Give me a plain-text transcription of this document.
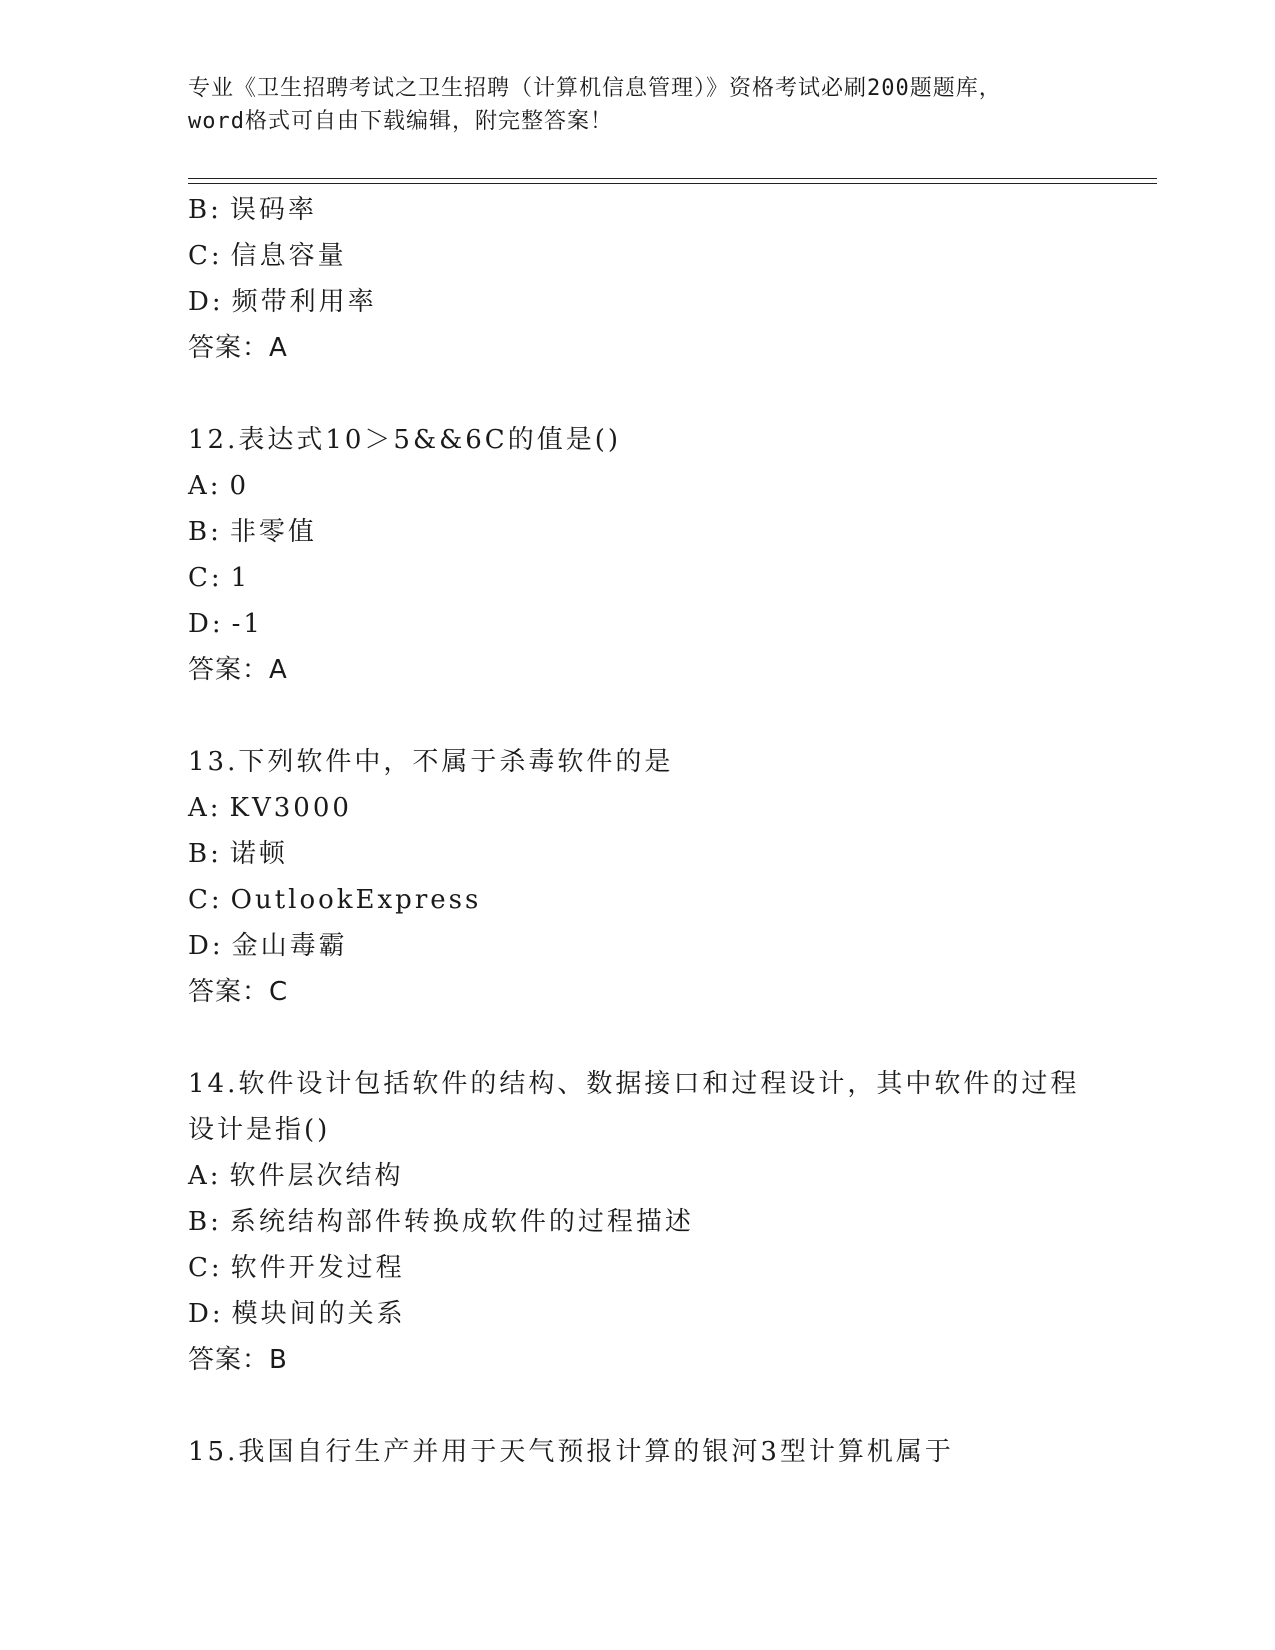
专业《卫生招聘考试之卫生招聘（计算机信息管理）》资格考试必刷200题题库，
word格式可自由下载编辑，附完整答案！
B: 误码率
C: 信息容量
D: 频带利用率
答案：A
12.表达式10＞5&&6C的值是()
A: 0
B: 非零值
C: 1
D: -1
答案：A
13.下列软件中，不属于杀毒软件的是
A: KV3000
B: 诺顿
C: OutlookExpress
D: 金山毒霸
答案：C
14.软件设计包括软件的结构、数据接口和过程设计，其中软件的过程
设计是指()
A: 软件层次结构
B: 系统结构部件转换成软件的过程描述
C: 软件开发过程
D: 模块间的关系
答案：B
15.我国自行生产并用于天气预报计算的银河3型计算机属于
